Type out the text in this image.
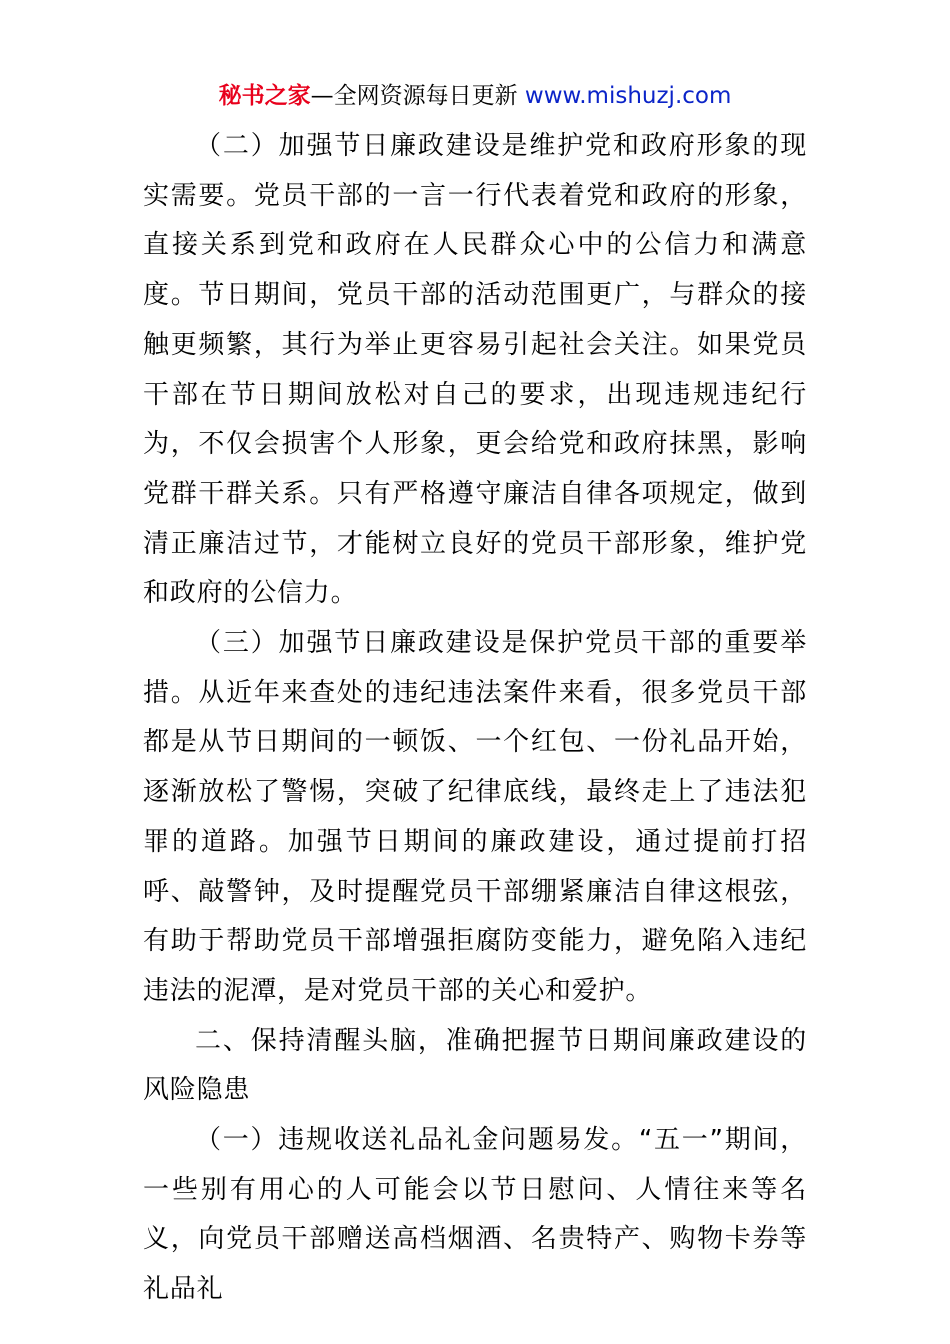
秘书之家—全网资源每日更新 www.mishuzj.com

（二）加强节日廉政建设是维护党和政府形象的现实需要。党员干部的一言一行代表着党和政府的形象，直接关系到党和政府在人民群众心中的公信力和满意度。节日期间，党员干部的活动范围更广，与群众的接触更频繁，其行为举止更容易引起社会关注。如果党员干部在节日期间放松对自己的要求，出现违规违纪行为，不仅会损害个人形象，更会给党和政府抹黑，影响党群干群关系。只有严格遵守廉洁自律各项规定，做到清正廉洁过节，才能树立良好的党员干部形象，维护党和政府的公信力。

（三）加强节日廉政建设是保护党员干部的重要举措。从近年来查处的违纪违法案件来看，很多党员干部都是从节日期间的一顿饭、一个红包、一份礼品开始，逐渐放松了警惕，突破了纪律底线，最终走上了违法犯罪的道路。加强节日期间的廉政建设，通过提前打招呼、敲警钟，及时提醒党员干部绷紧廉洁自律这根弦，有助于帮助党员干部增强拒腐防变能力，避免陷入违纪违法的泥潭，是对党员干部的关心和爱护。

二、保持清醒头脑，准确把握节日期间廉政建设的风险隐患

（一）违规收送礼品礼金问题易发。“五一”期间，一些别有用心的人可能会以节日慰问、人情往来等名义，向党员干部赠送高档烟酒、名贵特产、购物卡券等礼品礼
